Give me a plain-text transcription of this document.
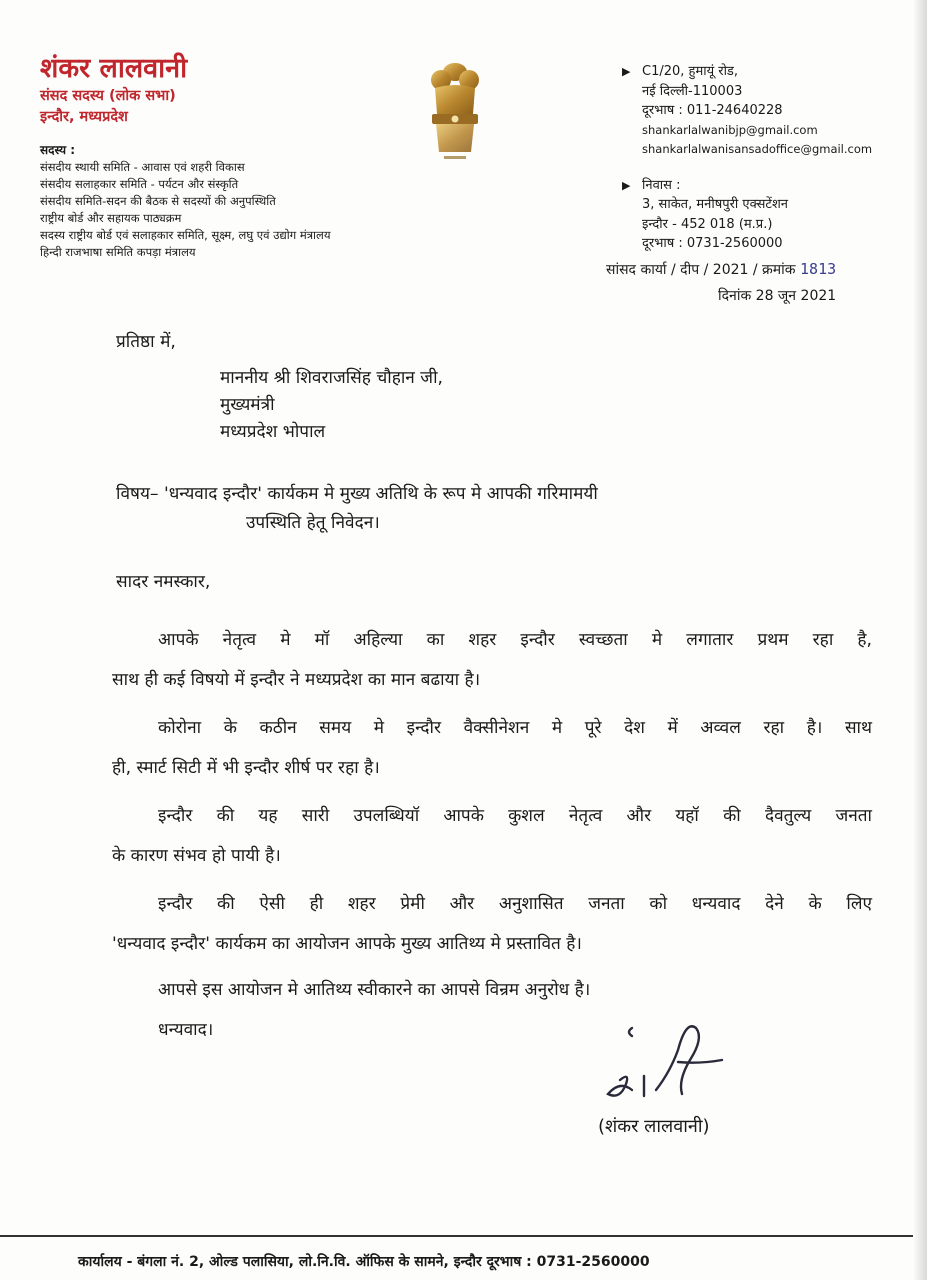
शंकर लालवानी
संसद सदस्य (लोक सभा)
इन्दौर, मध्यप्रदेश
सदस्य :
संसदीय स्थायी समिति - आवास एवं शहरी विकास
संसदीय सलाहकार समिति - पर्यटन और संस्कृति
संसदीय समिति-सदन की बैठक से सदस्यों की अनुपस्थिति
राष्ट्रीय बोर्ड और सहायक पाठ्यक्रम
सदस्य राष्ट्रीय बोर्ड एवं सलाहकार समिति, सूक्ष्म, लघु एवं उद्योग मंत्रालय
हिन्दी राजभाषा समिति कपड़ा मंत्रालय
▶ C1/20, हुमायूं रोड,
नई दिल्ली-110003
दूरभाष : 011-24640228
shankarlalwanibjp@gmail.com
shankarlalwanisansadoffice@gmail.com
▶ निवास :
3, साकेत, मनीषपुरी एक्सटेंशन
इन्दौर - 452 018 (म.प्र.)
दूरभाष : 0731-2560000
सांसद कार्या / दीप / 2021 / क्रमांक 1813
दिनांक 28 जून 2021
प्रतिष्ठा में,
माननीय श्री शिवराजसिंह चौहान जी,
मुख्यमंत्री
मध्यप्रदेश भोपाल
विषय– 'धन्यवाद इन्दौर' कार्यकम मे मुख्य अतिथि के रूप मे आपकी गरिमामयी
उपस्थिति हेतू निवेदन।
सादर नमस्कार,
आपके नेतृत्व मे मॉ अहिल्या का शहर इन्दौर स्वच्छता मे लगातार प्रथम रहा है,
साथ ही कई विषयो में इन्दौर ने मध्यप्रदेश का मान बढाया है।
कोरोना के कठीन समय मे इन्दौर वैक्सीनेशन मे पूरे देश में अव्वल रहा है। साथ
ही, स्मार्ट सिटी में भी इन्दौर शीर्ष पर रहा है।
इन्दौर की यह सारी उपलब्धियॉ आपके कुशल नेतृत्व और यहॉ की दैवतुल्य जनता
के कारण संभव हो पायी है।
इन्दौर की ऐसी ही शहर प्रेमी और अनुशासित जनता को धन्यवाद देने के लिए
'धन्यवाद इन्दौर' कार्यकम का आयोजन आपके मुख्य आतिथ्य मे प्रस्तावित है।
आपसे इस आयोजन मे आतिथ्य स्वीकारने का आपसे विन्रम अनुरोध है।
धन्यवाद।
(शंकर लालवानी)
कार्यालय - बंगला नं. 2, ओल्ड पलासिया, लो.नि.वि. ऑफिस के सामने, इन्दौर दूरभाष : 0731-2560000
